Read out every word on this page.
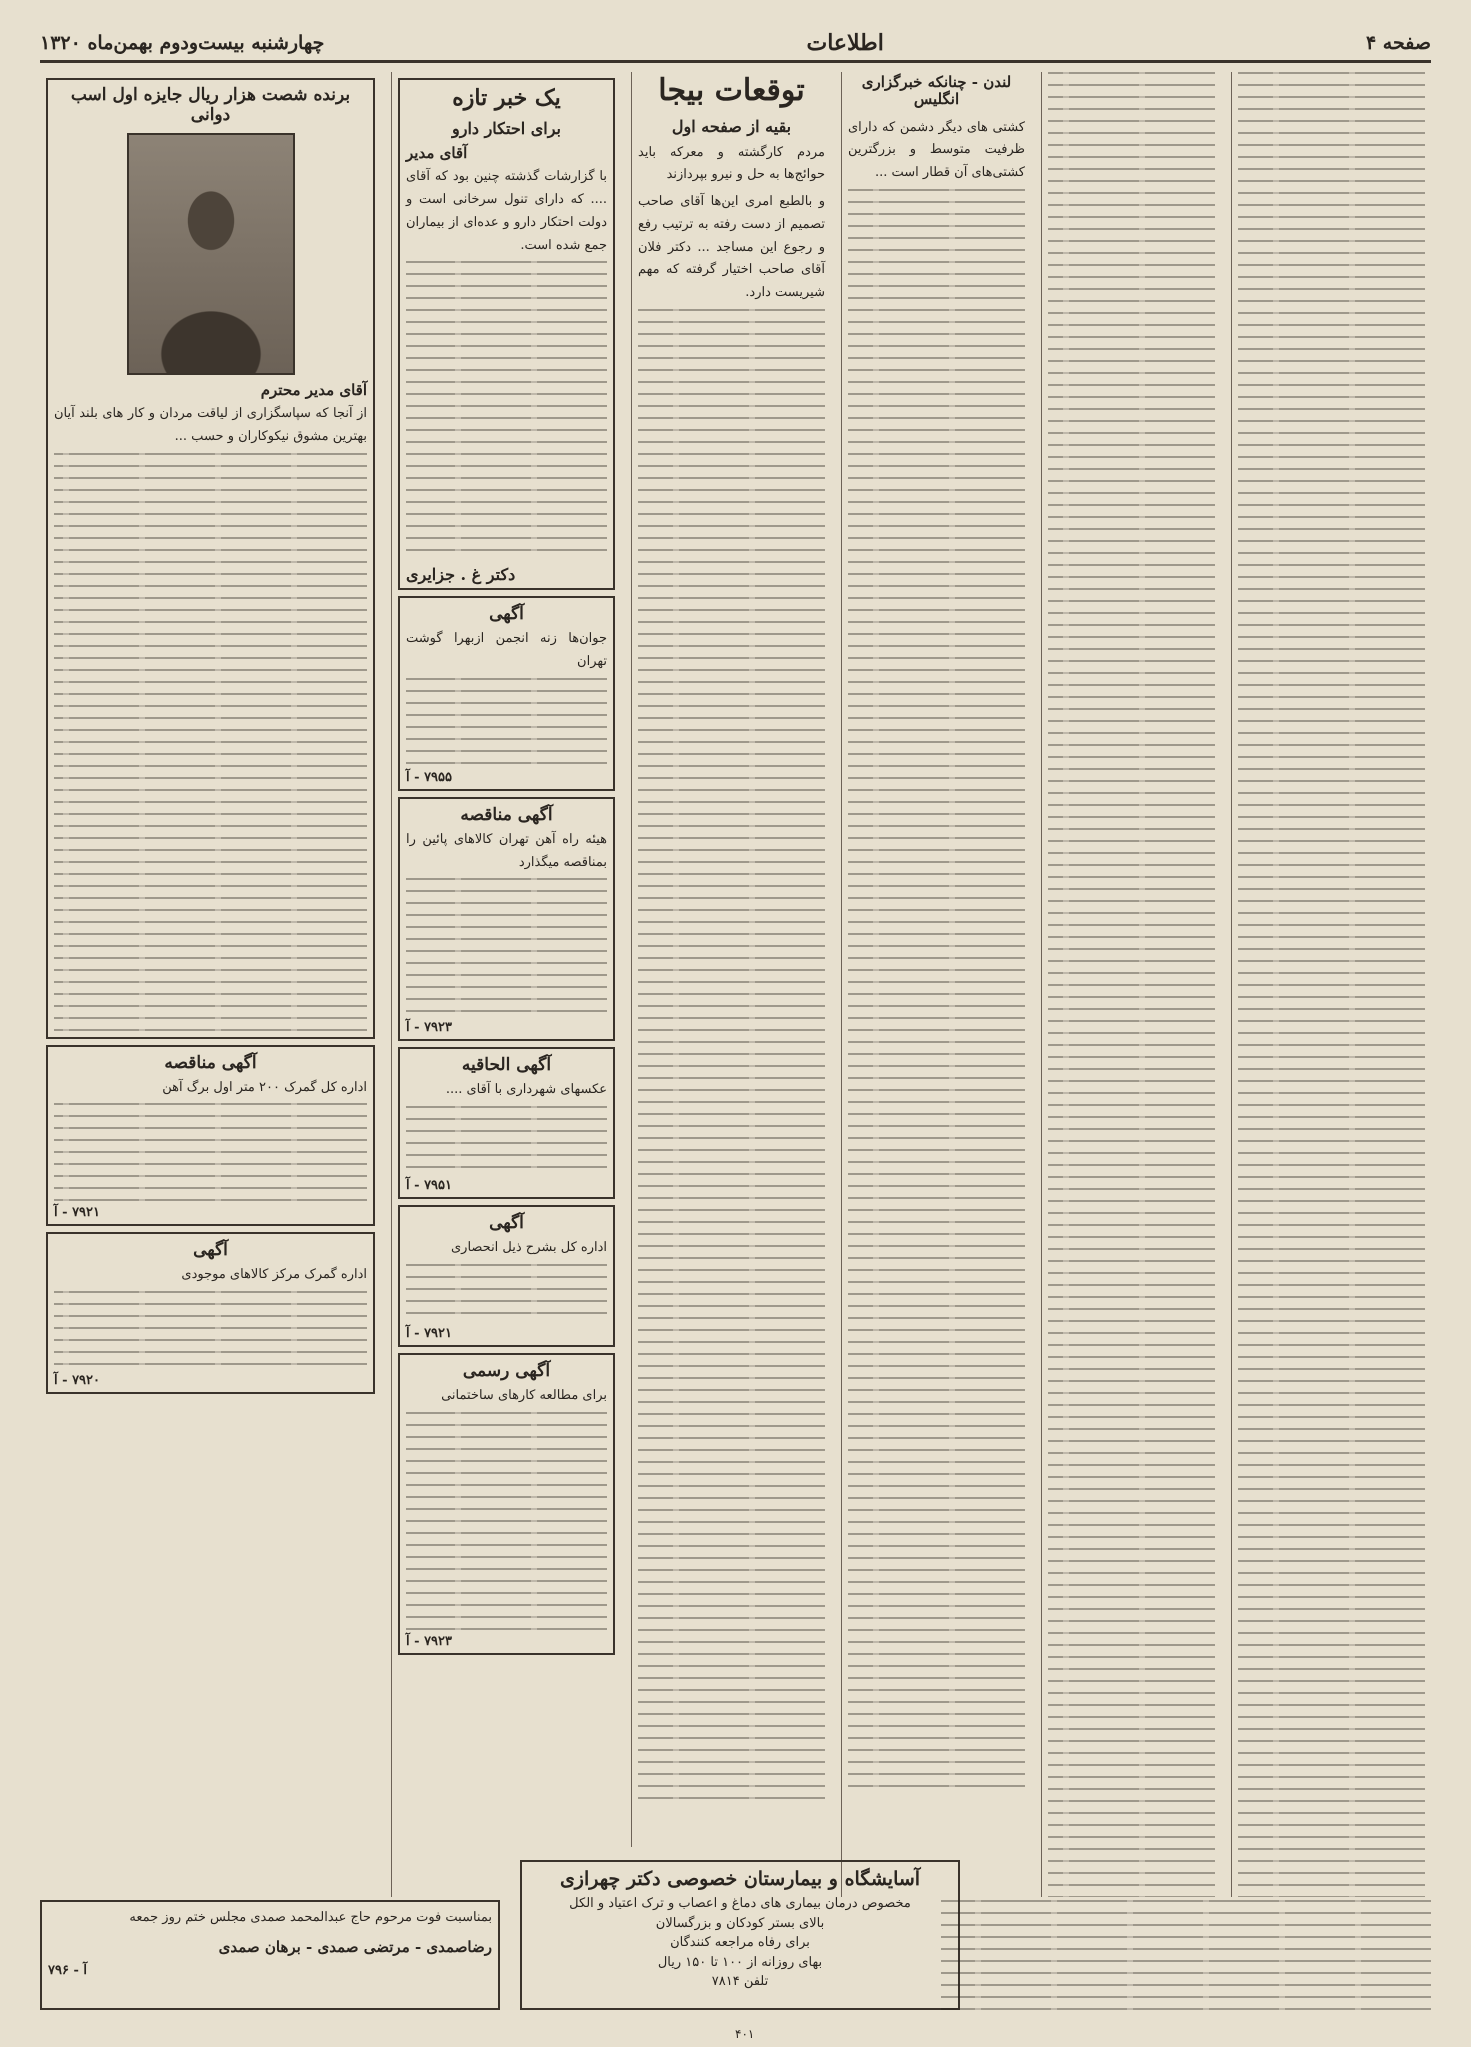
صفحه ۴
اطلاعات
چهارشنبه بیست‌ودوم بهمن‌ماه ۱۳۲۰
لندن - چنانکه خبرگزاری انگلیس
کشتی های دیگر دشمن که دارای ظرفیت متوسط و بزرگترین کشتی‌های آن قطار است ...
توقعات بیجا
بقیه از صفحه اول
مردم کارگشته و معرکه باید حوائج‌ها به حل و نیرو بپردازند
و بالطبع امری این‌ها آقای صاحب تصمیم از دست رفته به ترتیب رفع و رجوع این مساجد ... دکتر فلان آقای صاحب اختیار گرفته که مهم شیریست دارد.
یک خبر تازه
برای احتکار دارو
آقای مدیر
با گزارشات گذشته چنین بود که آقای .... که دارای تنول سرخانی است و دولت احتکار دارو و عده‌ای از بیماران جمع شده است.
دکتر غ . جزایری
آگهی
جوان‌ها زنه انجمن ازبهرا گوشت تهران
۷۹۵۵ - آ
آگهی مناقصه
هیئه راه آهن تهران کالاهای پائین را بمناقصه میگذارد
۷۹۲۳ - آ
آگهی الحاقیه
عکسهای شهرداری با آقای ....
۷۹۵۱ - آ
آگهی
اداره کل بشرح ذیل انحصاری
۷۹۲۱ - آ
آگهی رسمی
برای مطالعه کارهای ساختمانی
۷۹۲۳ - آ
برنده شصت هزار ریال جایزه اول اسب دوانی
آقای مدیر محترم
از آنجا که سپاسگزاری از لیاقت مردان و کار های بلند آیان بهترین مشوق نیکوکاران و حسب ...
آگهی مناقصه
اداره کل گمرک ۲۰۰ متر اول برگ آهن
۷۹۲۱ - آ
آگهی
اداره گمرک مرکز کالاهای موجودی
۷۹۲۰ - آ
آسایشگاه و بیمارستان خصوصی دکتر چهرازی
مخصوص درمان بیماری های دماغ و اعصاب و ترک اعتیاد و الکل
بالای بستر کودکان و بزرگسالان
برای رفاه مراجعه کنندگان
بهای روزانه از ۱۰۰ تا ۱۵۰ ریال
تلفن ۷۸۱۴
بمناسبت فوت مرحوم حاج عبدالمحمد صمدی مجلس ختم روز جمعه
رضاصمدی - مرتضی صمدی - برهان صمدی
آ - ۷۹۶
۴۰۱
